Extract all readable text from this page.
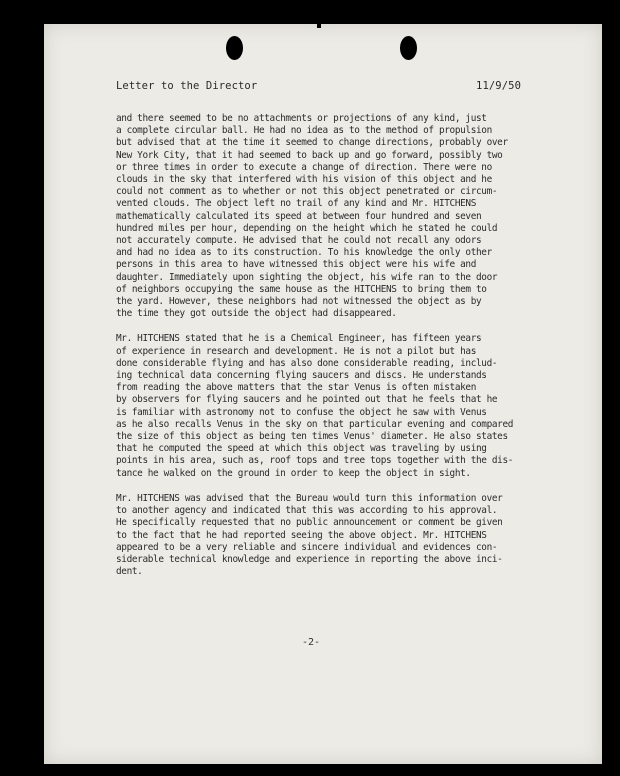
Letter to the Director	11/9/50

and there seemed to be no attachments or projections of any kind, just
a complete circular ball. He had no idea as to the method of propulsion
but advised that at the time it seemed to change directions, probably over
New York City, that it had seemed to back up and go forward, possibly two
or three times in order to execute a change of direction. There were no
clouds in the sky that interfered with his vision of this object and he
could not comment as to whether or not this object penetrated or circum-
vented clouds. The object left no trail of any kind and Mr. HITCHENS
mathematically calculated its speed at between four hundred and seven
hundred miles per hour, depending on the height which he stated he could
not accurately compute. He advised that he could not recall any odors
and had no idea as to its construction. To his knowledge the only other
persons in this area to have witnessed this object were his wife and
daughter. Immediately upon sighting the object, his wife ran to the door
of neighbors occupying the same house as the HITCHENS to bring them to
the yard. However, these neighbors had not witnessed the object as by
the time they got outside the object had disappeared.

Mr. HITCHENS stated that he is a Chemical Engineer, has fifteen years
of experience in research and development. He is not a pilot but has
done considerable flying and has also done considerable reading, includ-
ing technical data concerning flying saucers and discs. He understands
from reading the above matters that the star Venus is often mistaken
by observers for flying saucers and he pointed out that he feels that he
is familiar with astronomy not to confuse the object he saw with Venus
as he also recalls Venus in the sky on that particular evening and compared
the size of this object as being ten times Venus' diameter. He also states
that he computed the speed at which this object was traveling by using
points in his area, such as, roof tops and tree tops together with the dis-
tance he walked on the ground in order to keep the object in sight.

Mr. HITCHENS was advised that the Bureau would turn this information over
to another agency and indicated that this was according to his approval.
He specifically requested that no public announcement or comment be given
to the fact that he had reported seeing the above object. Mr. HITCHENS
appeared to be a very reliable and sincere individual and evidences con-
siderable technical knowledge and experience in reporting the above inci-
dent.

-2-
